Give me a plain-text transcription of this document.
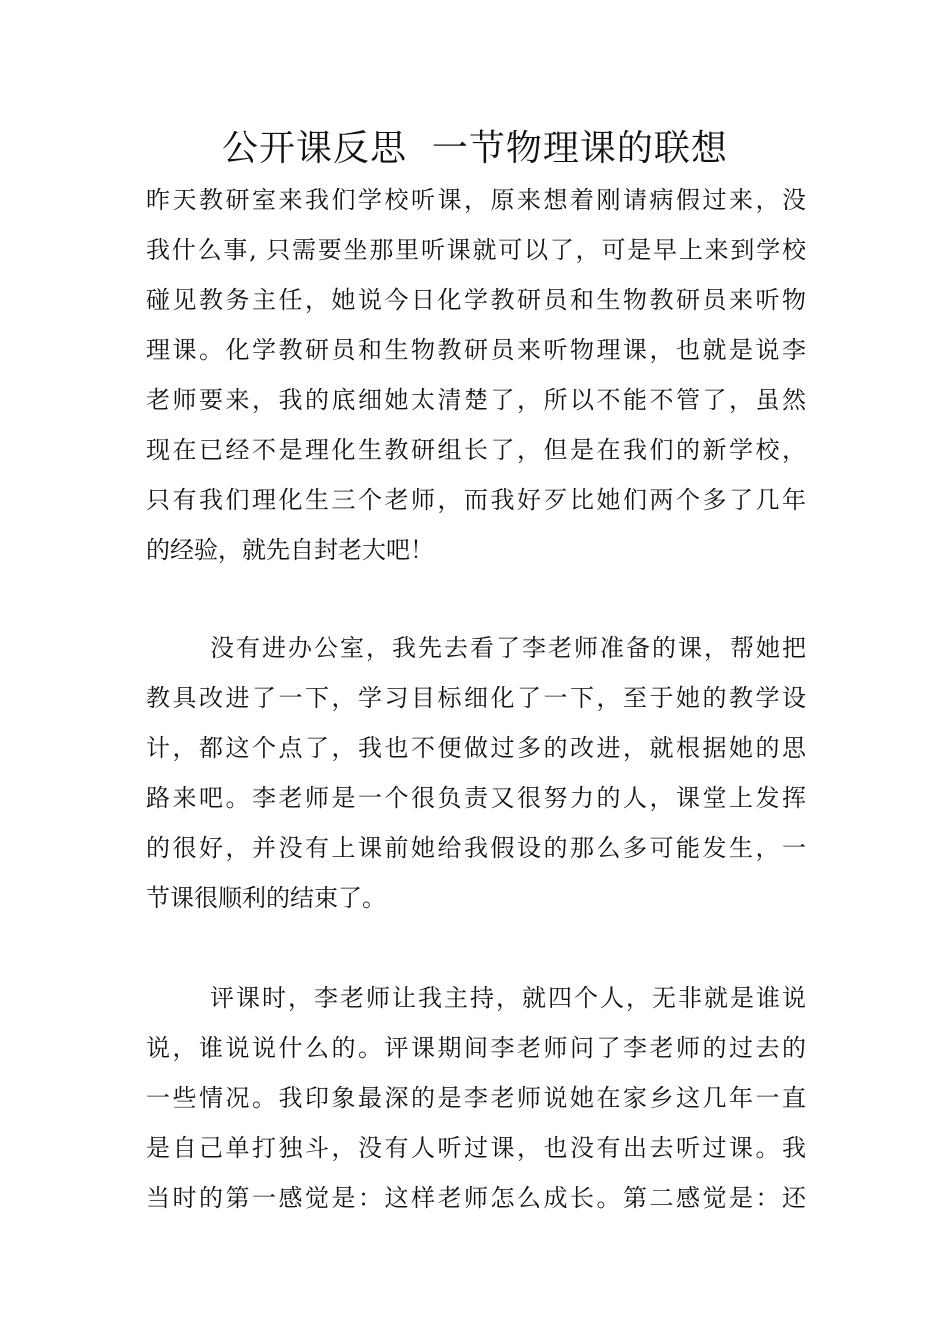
公开课反思  一节物理课的联想
昨天教研室来我们学校听课，原来想着刚请病假过来，没
我什么事, 只需要坐那里听课就可以了，可是早上来到学校
碰见教务主任，她说今日化学教研员和生物教研员来听物
理课。化学教研员和生物教研员来听物理课，也就是说李
老师要来，我的底细她太清楚了，所以不能不管了，虽然
现在已经不是理化生教研组长了，但是在我们的新学校，
只有我们理化生三个老师，而我好歹比她们两个多了几年
的经验，就先自封老大吧！
没有进办公室，我先去看了李老师准备的课，帮她把
教具改进了一下，学习目标细化了一下，至于她的教学设
计，都这个点了，我也不便做过多的改进，就根据她的思
路来吧。李老师是一个很负责又很努力的人，课堂上发挥
的很好，并没有上课前她给我假设的那么多可能发生，一
节课很顺利的结束了。
评课时，李老师让我主持，就四个人，无非就是谁说
说，谁说说什么的。评课期间李老师问了李老师的过去的
一些情况。我印象最深的是李老师说她在家乡这几年一直
是自己单打独斗，没有人听过课，也没有出去听过课。我
当时的第一感觉是：这样老师怎么成长。第二感觉是：还
